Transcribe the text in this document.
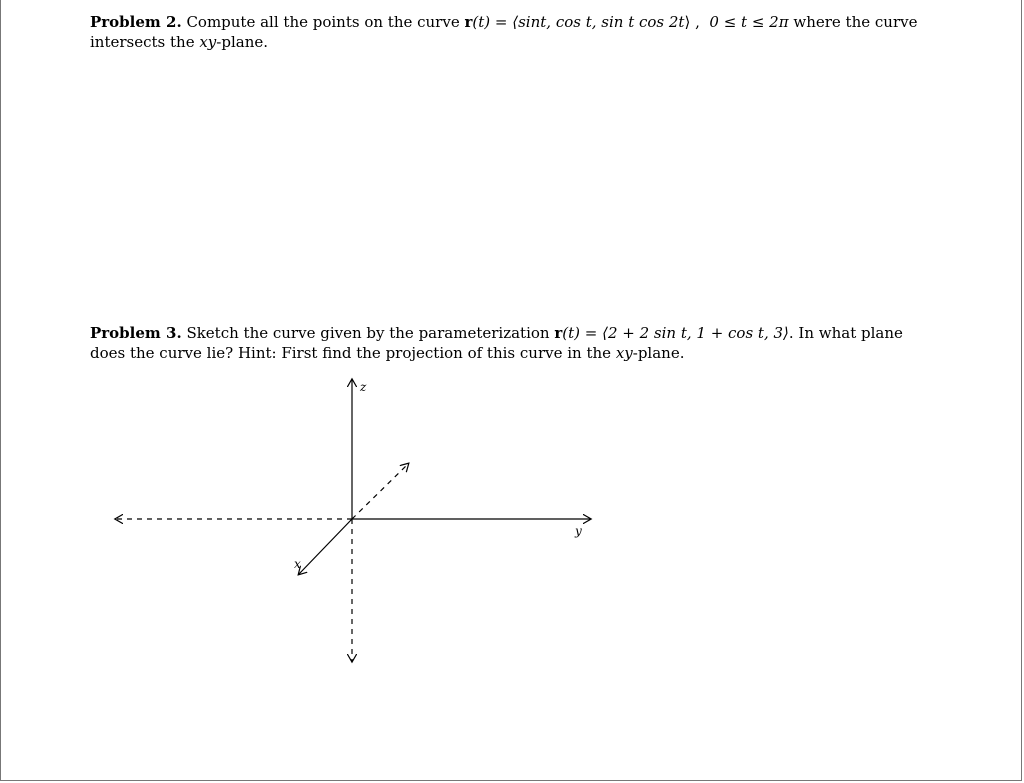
Problem 2. Compute all the points on the curve r(t) = ⟨sint, cos t, sin t cos 2t⟩ , 0 ≤ t ≤ 2π where the curve intersects the xy-plane.
Problem 3. Sketch the curve given by the parameterization r(t) = ⟨2 + 2 sin t, 1 + cos t, 3⟩. In what plane does the curve lie? Hint: First find the projection of this curve in the xy-plane.
z
y
x
